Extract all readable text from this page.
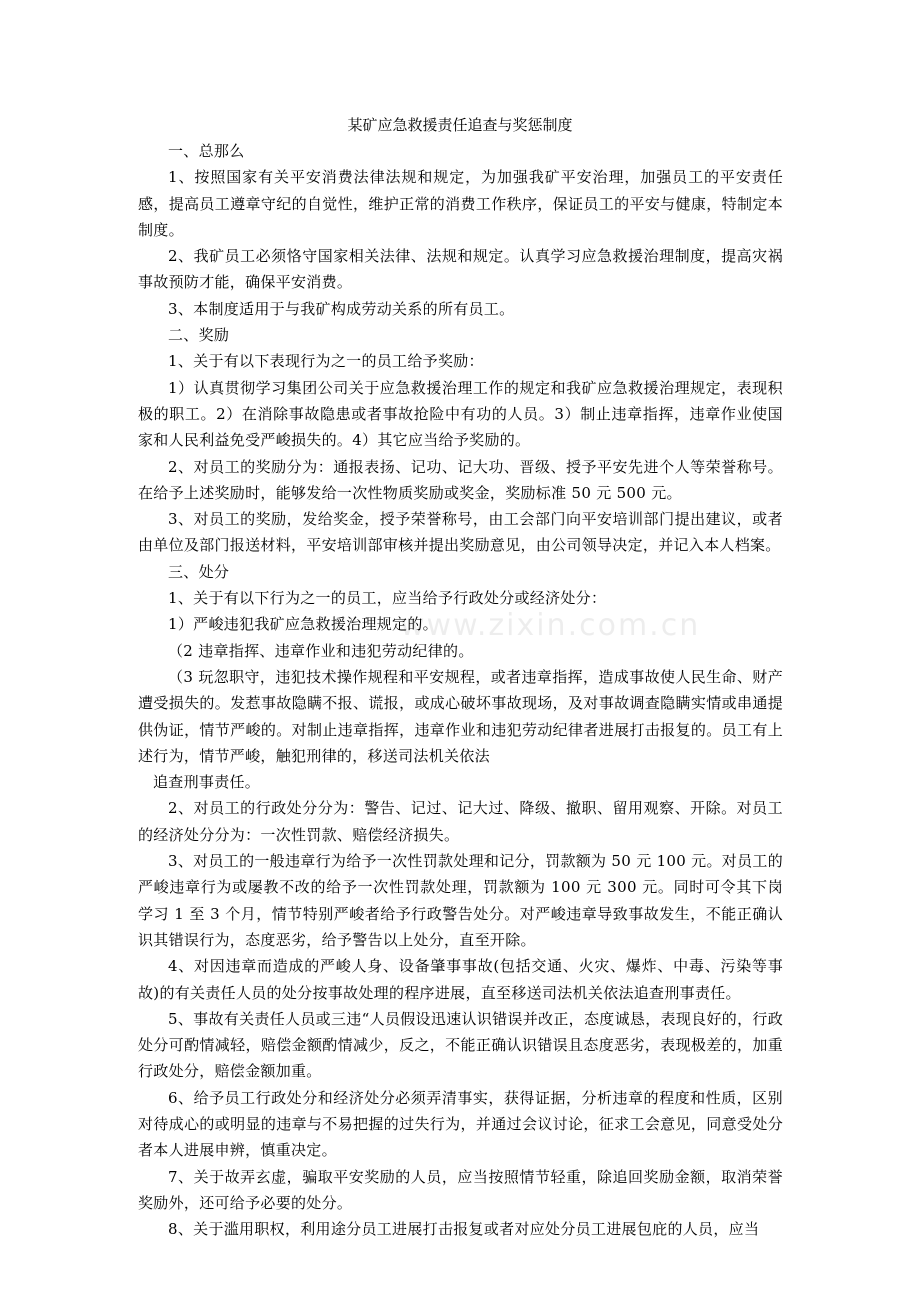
某矿应急救援责任追查与奖惩制度

一、总那么

1、按照国家有关平安消费法律法规和规定，为加强我矿平安治理，加强员工的平安责任感，提高员工遵章守纪的自觉性，维护正常的消费工作秩序，保证员工的平安与健康，特制定本制度。

2、我矿员工必须恪守国家相关法律、法规和规定。认真学习应急救援治理制度，提高灾祸事故预防才能，确保平安消费。

3、本制度适用于与我矿构成劳动关系的所有员工。

二、奖励

1、关于有以下表现行为之一的员工给予奖励：

1）认真贯彻学习集团公司关于应急救援治理工作的规定和我矿应急救援治理规定，表现积极的职工。2）在消除事故隐患或者事故抢险中有功的人员。3）制止违章指挥，违章作业使国家和人民利益免受严峻损失的。4）其它应当给予奖励的。

2、对员工的奖励分为：通报表扬、记功、记大功、晋级、授予平安先进个人等荣誉称号。在给予上述奖励时，能够发给一次性物质奖励或奖金，奖励标准 50 元 500 元。

3、对员工的奖励，发给奖金，授予荣誉称号，由工会部门向平安培训部门提出建议，或者由单位及部门报送材料，平安培训部审核并提出奖励意见，由公司领导决定，并记入本人档案。

三、处分

1、关于有以下行为之一的员工，应当给予行政处分或经济处分：

1）严峻违犯我矿应急救援治理规定的。

（2 违章指挥、违章作业和违犯劳动纪律的。

（3 玩忽职守，违犯技术操作规程和平安规程，或者违章指挥，造成事故使人民生命、财产遭受损失的。发惹事故隐瞒不报、谎报，或成心破坏事故现场，及对事故调查隐瞒实情或串通提供伪证，情节严峻的。对制止违章指挥，违章作业和违犯劳动纪律者进展打击报复的。员工有上述行为，情节严峻，触犯刑律的，移送司法机关依法

追查刑事责任。

2、对员工的行政处分分为：警告、记过、记大过、降级、撤职、留用观察、开除。对员工的经济处分分为：一次性罚款、赔偿经济损失。

3、对员工的一般违章行为给予一次性罚款处理和记分，罚款额为 50 元 100 元。对员工的严峻违章行为或屡教不改的给予一次性罚款处理，罚款额为 100 元 300 元。同时可令其下岗学习 1 至 3 个月，情节特别严峻者给予行政警告处分。对严峻违章导致事故发生，不能正确认识其错误行为，态度恶劣，给予警告以上处分，直至开除。

4、对因违章而造成的严峻人身、设备肇事事故(包括交通、火灾、爆炸、中毒、污染等事故)的有关责任人员的处分按事故处理的程序进展，直至移送司法机关依法追查刑事责任。

5、事故有关责任人员或三违“人员假设迅速认识错误并改正，态度诚恳，表现良好的，行政处分可酌情减轻，赔偿金额酌情减少，反之，不能正确认识错误且态度恶劣，表现极差的，加重行政处分，赔偿金额加重。

6、给予员工行政处分和经济处分必须弄清事实，获得证据，分析违章的程度和性质，区别对待成心的或明显的违章与不易把握的过失行为，并通过会议讨论，征求工会意见，同意受处分者本人进展申辨，慎重决定。

7、关于故弄玄虚，骗取平安奖励的人员，应当按照情节轻重，除追回奖励金额，取消荣誉奖励外，还可给予必要的处分。

8、关于滥用职权，利用途分员工进展打击报复或者对应处分员工进展包庇的人员，应当

www.zixin.com.cn
